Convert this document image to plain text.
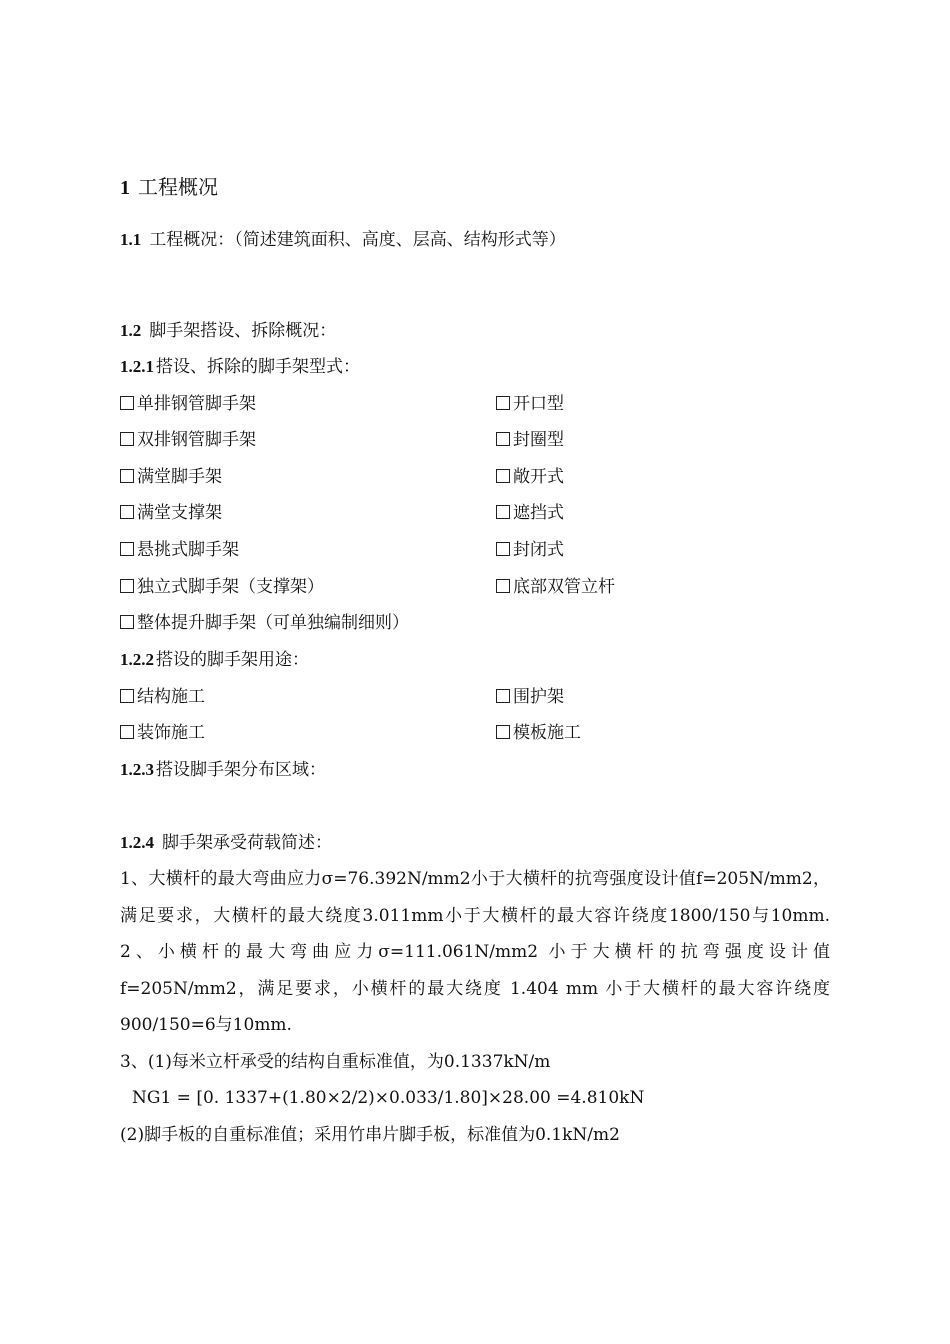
1 工程概况
1.1 工程概况：（简述建筑面积、高度、层高、结构形式等）
1.2 脚手架搭设、拆除概况：
1.2.1 搭设、拆除的脚手架型式：
单排钢管脚手架
双排钢管脚手架
满堂脚手架
满堂支撑架
悬挑式脚手架
独立式脚手架（支撑架）
整体提升脚手架（可单独编制细则）
开口型
封圈型
敞开式
遮挡式
封闭式
底部双管立杆
1.2.2 搭设的脚手架用途：
结构施工
装饰施工
围护架
模板施工
1.2.3 搭设脚手架分布区域：
1.2.4 脚手架承受荷载简述：

1、大横杆的最大弯曲应力σ=76.392N/mm2小于大横杆的抗弯强度设计值f=205N/mm2，

满足要求，大横杆的最大绕度3.011mm小于大横杆的最大容许绕度1800/150与10mm.

2、小横杆的最大弯曲应力σ=111.061N/mm2 小于大横杆的抗弯强度设计值

f=205N/mm2，满足要求，小横杆的最大绕度 1.404 mm 小于大横杆的最大容许绕度

900/150=6与10mm.

3、(1)每米立杆承受的结构自重标准值，为0.1337kN/m

NG1 = [0. 1337+(1.80×2/2)×0.033/1.80]×28.00 =4.810kN

(2)脚手板的自重标准值；采用竹串片脚手板，标准值为0.1kN/m2
